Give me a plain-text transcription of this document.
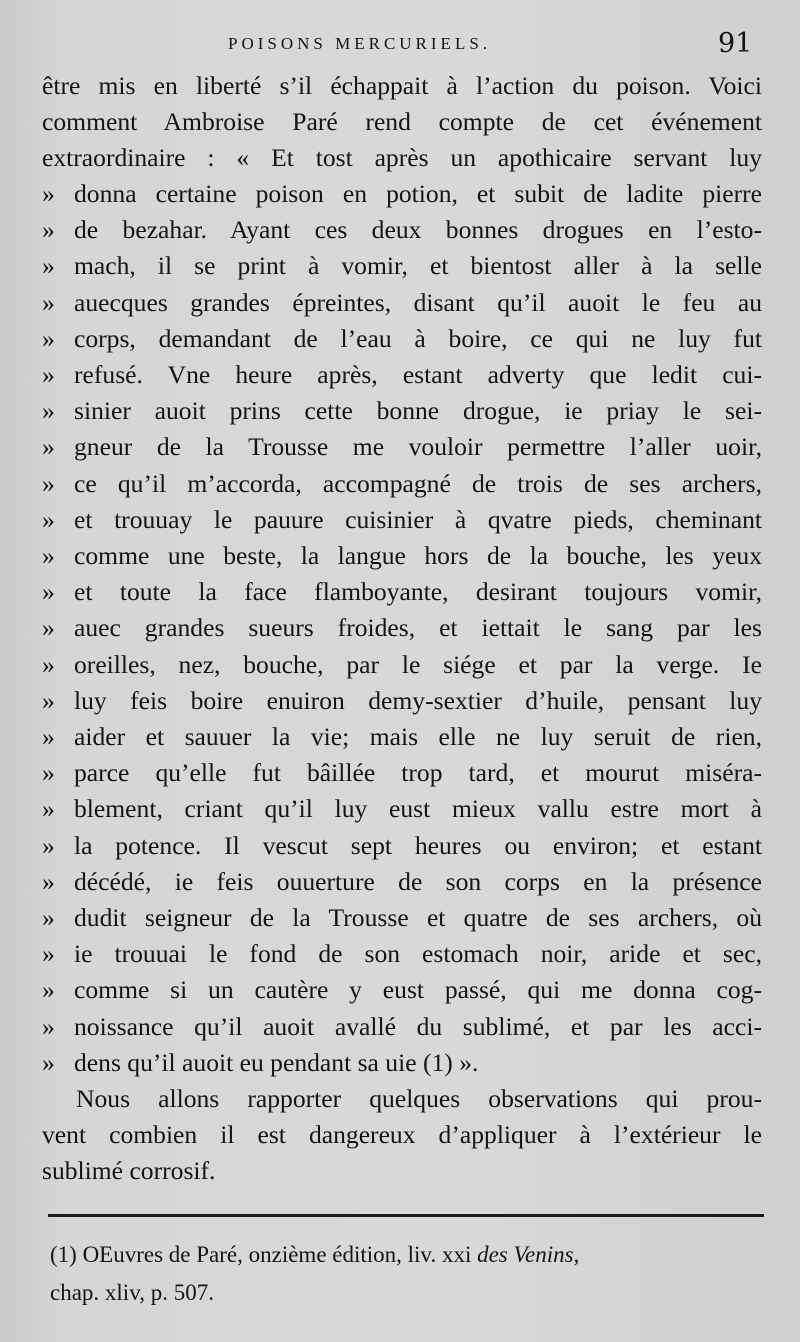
POISONS MERCURIELS.	91
être mis en liberté s’il échappait à l’action du poison. Voici
comment Ambroise Paré rend compte de cet événement
extraordinaire : « Et tost après un apothicaire servant luy
» donna certaine poison en potion, et subit de ladite pierre
» de bezahar. Ayant ces deux bonnes drogues en l’esto-
» mach, il se print à vomir, et bientost aller à la selle
» auecques grandes épreintes, disant qu’il auoit le feu au
» corps, demandant de l’eau à boire, ce qui ne luy fut
» refusé. Vne heure après, estant adverty que ledit cui-
» sinier auoit prins cette bonne drogue, ie priay le sei-
» gneur de la Trousse me vouloir permettre l’aller uoir,
» ce qu’il m’accorda, accompagné de trois de ses archers,
» et trouuay le pauure cuisinier à qvatre pieds, cheminant
» comme une beste, la langue hors de la bouche, les yeux
» et toute la face flamboyante, desirant toujours vomir,
» auec grandes sueurs froides, et iettait le sang par les
» oreilles, nez, bouche, par le siége et par la verge. Ie
» luy feis boire enuiron demy-sextier d’huile, pensant luy
» aider et sauuer la vie; mais elle ne luy seruit de rien,
» parce qu’elle fut bâillée trop tard, et mourut miséra-
» blement, criant qu’il luy eust mieux vallu estre mort à
» la potence. Il vescut sept heures ou environ; et estant
» décédé, ie feis ouuerture de son corps en la présence
» dudit seigneur de la Trousse et quatre de ses archers, où
» ie trouuai le fond de son estomach noir, aride et sec,
» comme si un cautère y eust passé, qui me donna cog-
» noissance qu’il auoit avallé du sublimé, et par les acci-
» dens qu’il auoit eu pendant sa uie (1) ».
Nous allons rapporter quelques observations qui prou-
vent combien il est dangereux d’appliquer à l’extérieur le
sublimé corrosif.
(1) OEuvres de Paré, onzième édition, liv. xxi des Venins,
chap. xliv, p. 507.
